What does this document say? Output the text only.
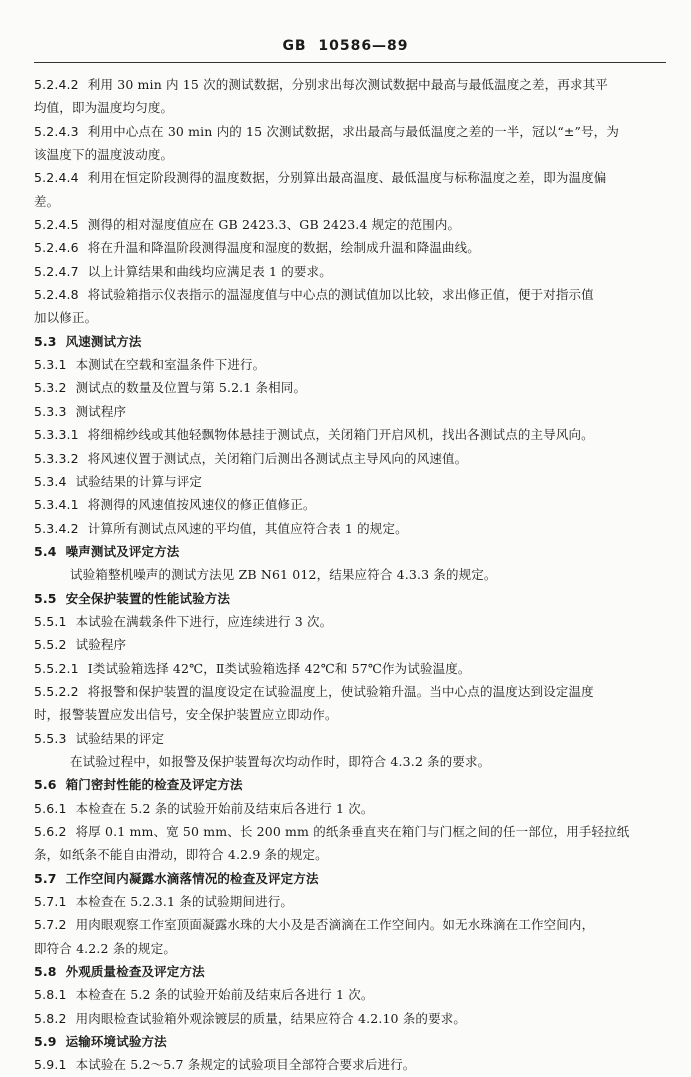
GB  10586—89
5.2.4.2 利用 30 min 内 15 次的测试数据，分别求出每次测试数据中最高与最低温度之差，再求其平
均值，即为温度均匀度。
5.2.4.3 利用中心点在 30 min 内的 15 次测试数据，求出最高与最低温度之差的一半，冠以“±”号，为
该温度下的温度波动度。
5.2.4.4 利用在恒定阶段测得的温度数据，分别算出最高温度、最低温度与标称温度之差，即为温度偏
差。
5.2.4.5 测得的相对湿度值应在 GB 2423.3、GB 2423.4 规定的范围内。
5.2.4.6 将在升温和降温阶段测得温度和湿度的数据，绘制成升温和降温曲线。
5.2.4.7 以上计算结果和曲线均应满足表 1 的要求。
5.2.4.8 将试验箱指示仪表指示的温湿度值与中心点的测试值加以比较，求出修正值，便于对指示值
加以修正。
5.3 风速测试方法
5.3.1 本测试在空载和室温条件下进行。
5.3.2 测试点的数量及位置与第 5.2.1 条相同。
5.3.3 测试程序
5.3.3.1 将细棉纱线或其他轻飘物体悬挂于测试点，关闭箱门开启风机，找出各测试点的主导风向。
5.3.3.2 将风速仪置于测试点，关闭箱门后测出各测试点主导风向的风速值。
5.3.4 试验结果的计算与评定
5.3.4.1 将测得的风速值按风速仪的修正值修正。
5.3.4.2 计算所有测试点风速的平均值，其值应符合表 1 的规定。
5.4 噪声测试及评定方法
试验箱整机噪声的测试方法见 ZB N61 012，结果应符合 4.3.3 条的规定。
5.5 安全保护装置的性能试验方法
5.5.1 本试验在满载条件下进行，应连续进行 3 次。
5.5.2 试验程序
5.5.2.1 Ⅰ类试验箱选择 42℃，Ⅱ类试验箱选择 42℃和 57℃作为试验温度。
5.5.2.2 将报警和保护装置的温度设定在试验温度上，使试验箱升温。当中心点的温度达到设定温度
时，报警装置应发出信号，安全保护装置应立即动作。
5.5.3 试验结果的评定
在试验过程中，如报警及保护装置每次均动作时，即符合 4.3.2 条的要求。
5.6 箱门密封性能的检查及评定方法
5.6.1 本检查在 5.2 条的试验开始前及结束后各进行 1 次。
5.6.2 将厚 0.1 mm、宽 50 mm、长 200 mm 的纸条垂直夹在箱门与门框之间的任一部位，用手轻拉纸
条，如纸条不能自由滑动，即符合 4.2.9 条的规定。
5.7 工作空间内凝露水滴落情况的检查及评定方法
5.7.1 本检查在 5.2.3.1 条的试验期间进行。
5.7.2 用肉眼观察工作室顶面凝露水珠的大小及是否滴滴在工作空间内。如无水珠滴在工作空间内，
即符合 4.2.2 条的规定。
5.8 外观质量检查及评定方法
5.8.1 本检查在 5.2 条的试验开始前及结束后各进行 1 次。
5.8.2 用肉眼检查试验箱外观涂镀层的质量，结果应符合 4.2.10 条的要求。
5.9 运输环境试验方法
5.9.1 本试验在 5.2～5.7 条规定的试验项目全部符合要求后进行。
